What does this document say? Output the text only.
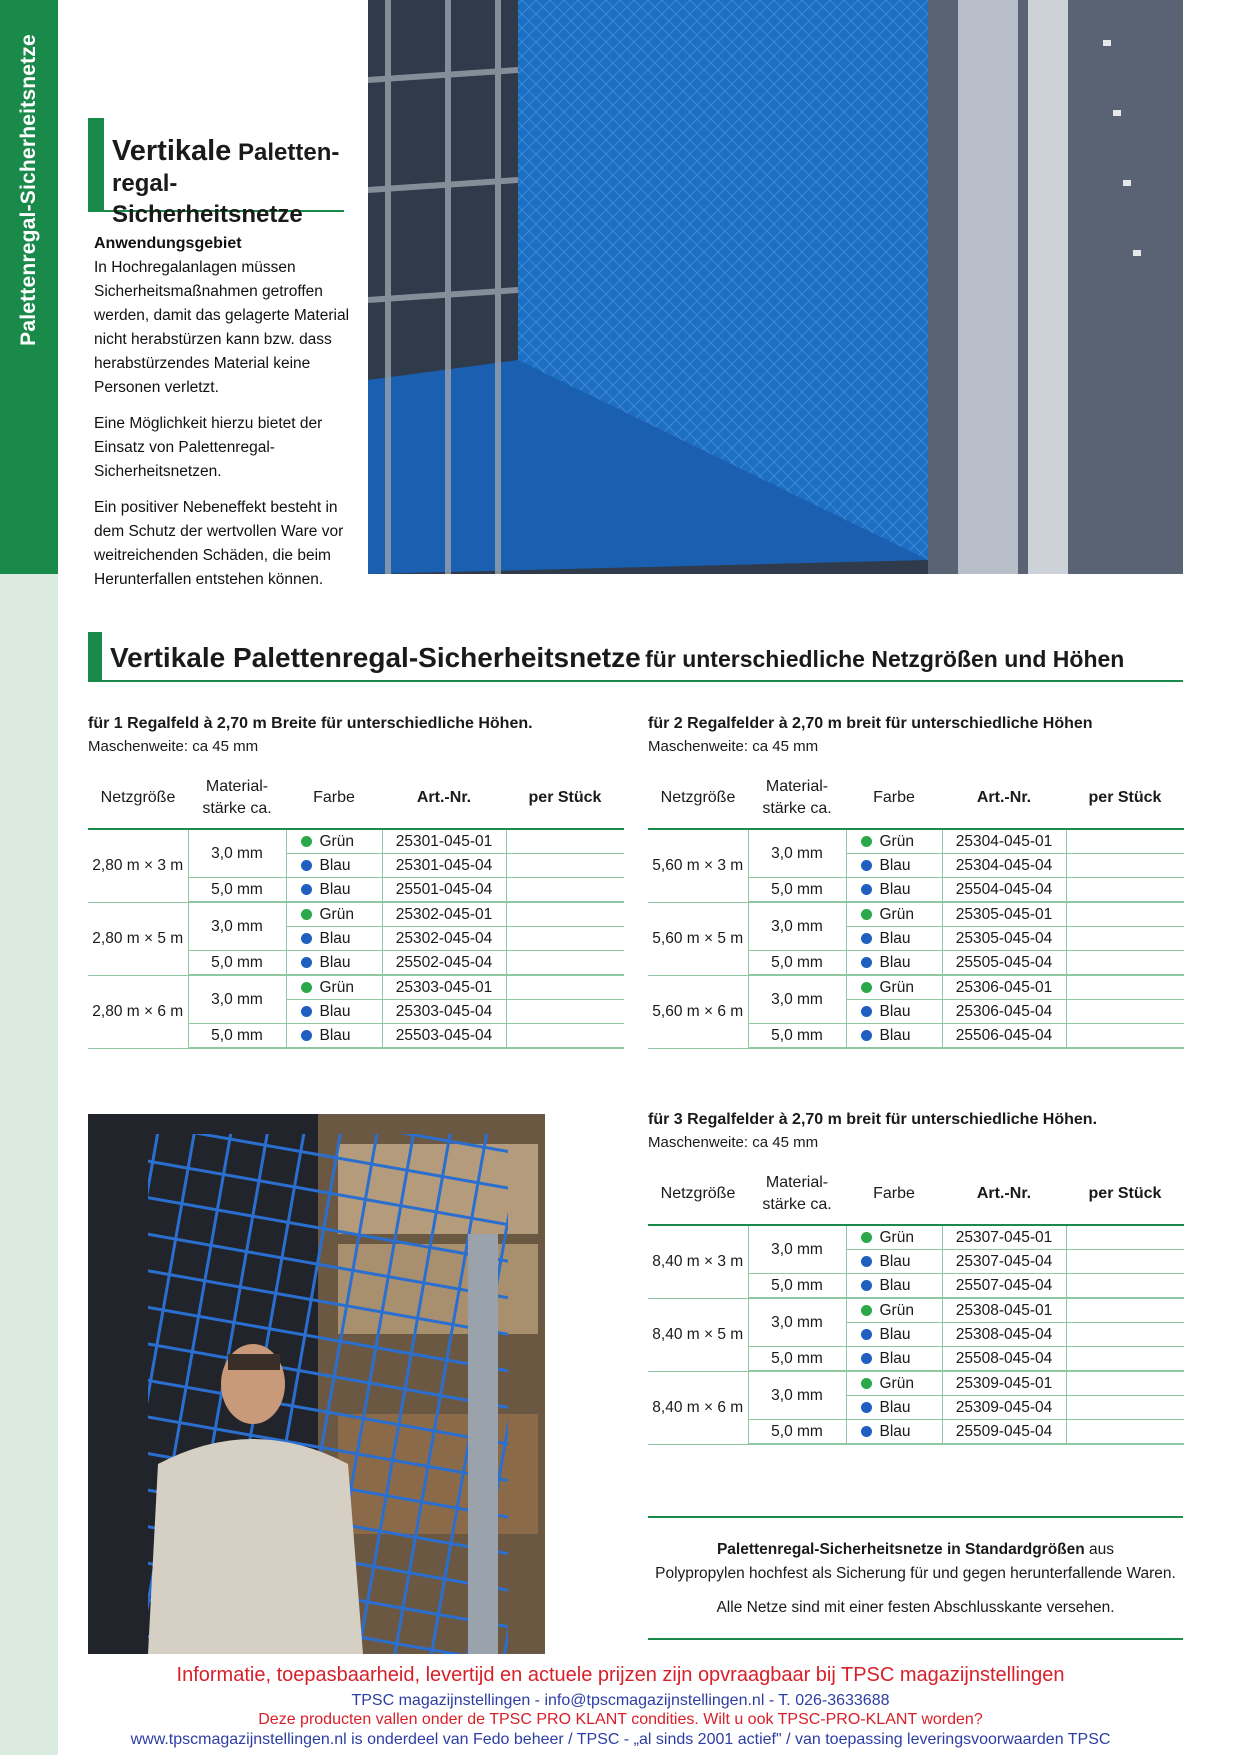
Palettenregal-Sicherheitsnetze Vertikale Paletten-
regal-Sicherheitsnetze
Anwendungsgebiet

In Hochregalanlagen müssen Sicherheitsmaßnahmen getroffen werden, damit das gelagerte Material nicht herabstürzen kann bzw. dass herabstürzendes Material keine Personen verletzt.

Eine Möglichkeit hierzu bietet der Einsatz von Palettenregal-Sicherheitsnetzen.

Ein positiver Nebeneffekt besteht in dem Schutz der wertvollen Ware vor weitreichenden Schäden, die beim Herunterfallen entstehen können.

Vertikale Palettenregal-Sicherheitsnetze für unterschiedliche Netzgrößen und Höhen
für 1 Regalfeld à 2,70 m Breite für unterschiedliche Höhen.
Maschenweite: ca 45 mm
Netzgröße	Material-
stärke ca.	Farbe	Art.-Nr.	per Stück
2,80 m × 3 m	3,0 mm	Grün	25301-045-01	
		Blau	25301-045-04	
	5,0 mm	Blau	25501-045-04	
2,80 m × 5 m	3,0 mm	Grün	25302-045-01	
		Blau	25302-045-04	
	5,0 mm	Blau	25502-045-04	
2,80 m × 6 m	3,0 mm	Grün	25303-045-01	
		Blau	25303-045-04	
	5,0 mm	Blau	25503-045-04	
für 2 Regalfelder à 2,70 m breit für unterschiedliche Höhen
Maschenweite: ca 45 mm
Netzgröße	Material-
stärke ca.	Farbe	Art.-Nr.	per Stück
5,60 m × 3 m	3,0 mm	Grün	25304-045-01	
		Blau	25304-045-04	
	5,0 mm	Blau	25504-045-04	
5,60 m × 5 m	3,0 mm	Grün	25305-045-01	
		Blau	25305-045-04	
	5,0 mm	Blau	25505-045-04	
5,60 m × 6 m	3,0 mm	Grün	25306-045-01	
		Blau	25306-045-04	
	5,0 mm	Blau	25506-045-04	
für 3 Regalfelder à 2,70 m breit für unterschiedliche Höhen.
Maschenweite: ca 45 mm
Netzgröße	Material-
stärke ca.	Farbe	Art.-Nr.	per Stück
8,40 m × 3 m	3,0 mm	Grün	25307-045-01	
		Blau	25307-045-04	
	5,0 mm	Blau	25507-045-04	
8,40 m × 5 m	3,0 mm	Grün	25308-045-01	
		Blau	25308-045-04	
	5,0 mm	Blau	25508-045-04	
8,40 m × 6 m	3,0 mm	Grün	25309-045-01	
		Blau	25309-045-04	
	5,0 mm	Blau	25509-045-04	
Palettenregal-Sicherheitsnetze in Standardgrößen aus
Polypropylen hochfest als Sicherung für und gegen herunterfallende Waren.
Alle Netze sind mit einer festen Abschlusskante versehen.
Informatie, toepasbaarheid, levertijd en actuele prijzen zijn opvraagbaar bij TPSC magazijnstellingen
TPSC magazijnstellingen - info@tpscmagazijnstellingen.nl - T. 026-3633688
Deze producten vallen onder de TPSC PRO KLANT condities. Wilt u ook TPSC-PRO-KLANT worden?
www.tpscmagazijnstellingen.nl is onderdeel van Fedo beheer / TPSC - „al sinds 2001 actief" / van toepassing leveringsvoorwaarden TPSC
